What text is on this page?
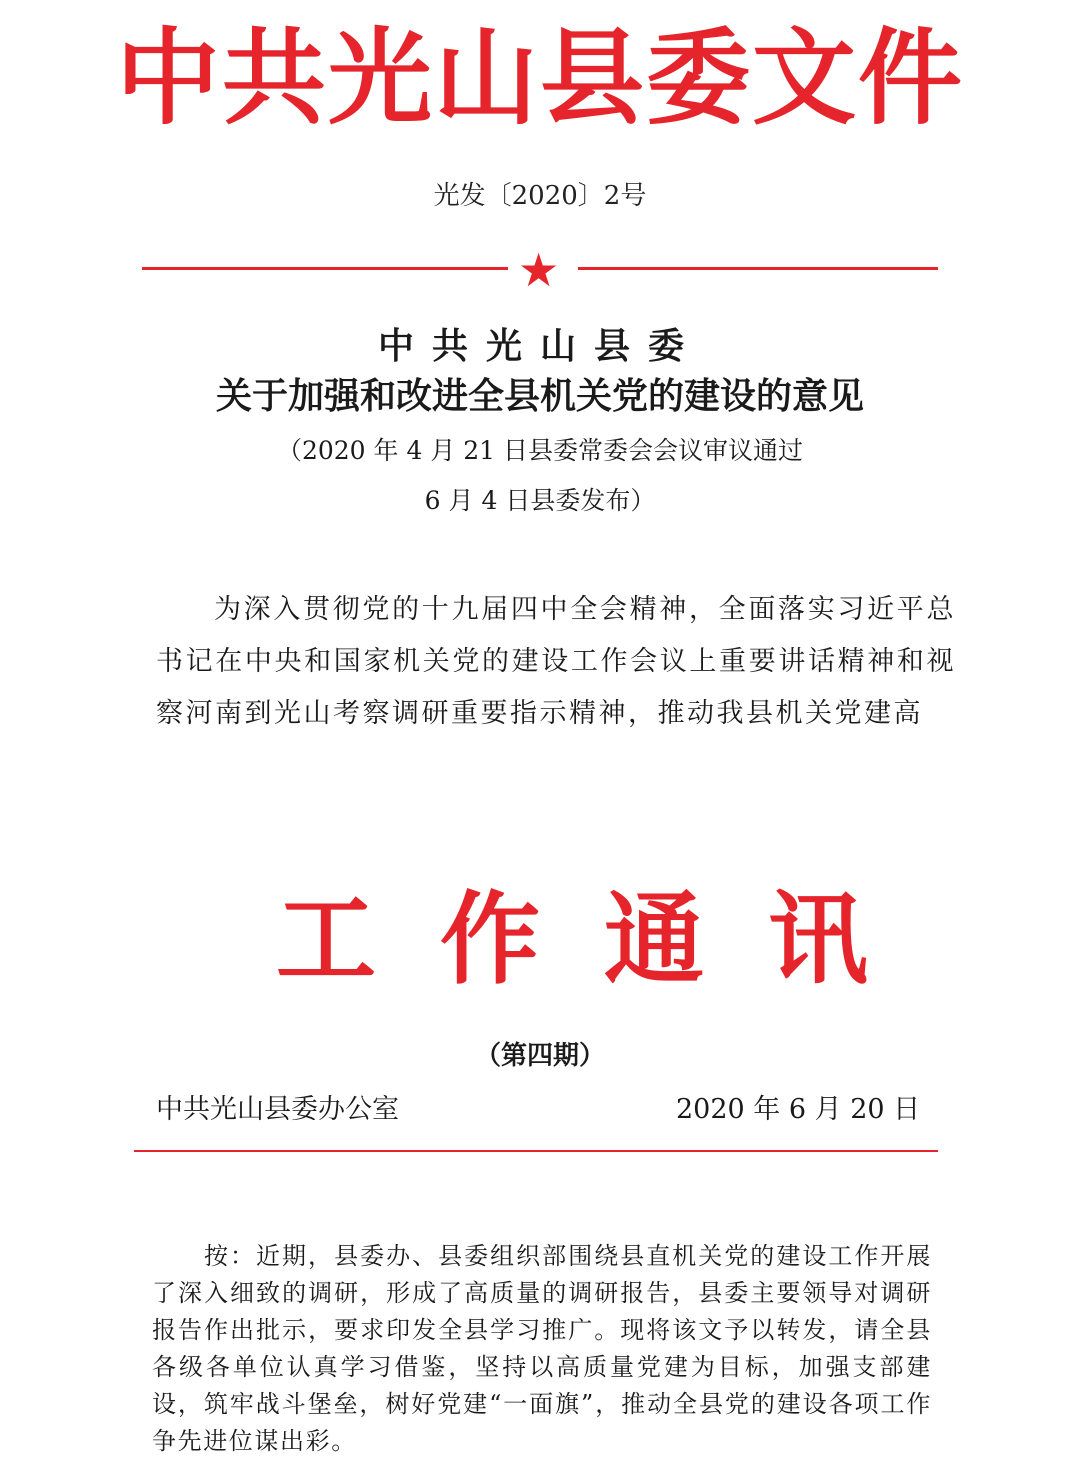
中共光山县委文件
光发〔2020〕2号
★
中共光山县委
关于加强和改进全县机关党的建设的意见
（2020 年 4 月 21 日县委常委会会议审议通过
6 月 4 日县委发布）

为深入贯彻党的十九届四中全会精神，全面落实习近平总书记在中央和国家机关党的建设工作会议上重要讲话精神和视察河南到光山考察调研重要指示精神，推动我县机关党建高

工作通讯
（第四期）
中共光山县委办公室	2020 年 6 月 20 日

按：近期，县委办、县委组织部围绕县直机关党的建设工作开展了深入细致的调研，形成了高质量的调研报告，县委主要领导对调研报告作出批示，要求印发全县学习推广。现将该文予以转发，请全县各级各单位认真学习借鉴，坚持以高质量党建为目标，加强支部建设，筑牢战斗堡垒，树好党建“一面旗”，推动全县党的建设各项工作争先进位谋出彩。
